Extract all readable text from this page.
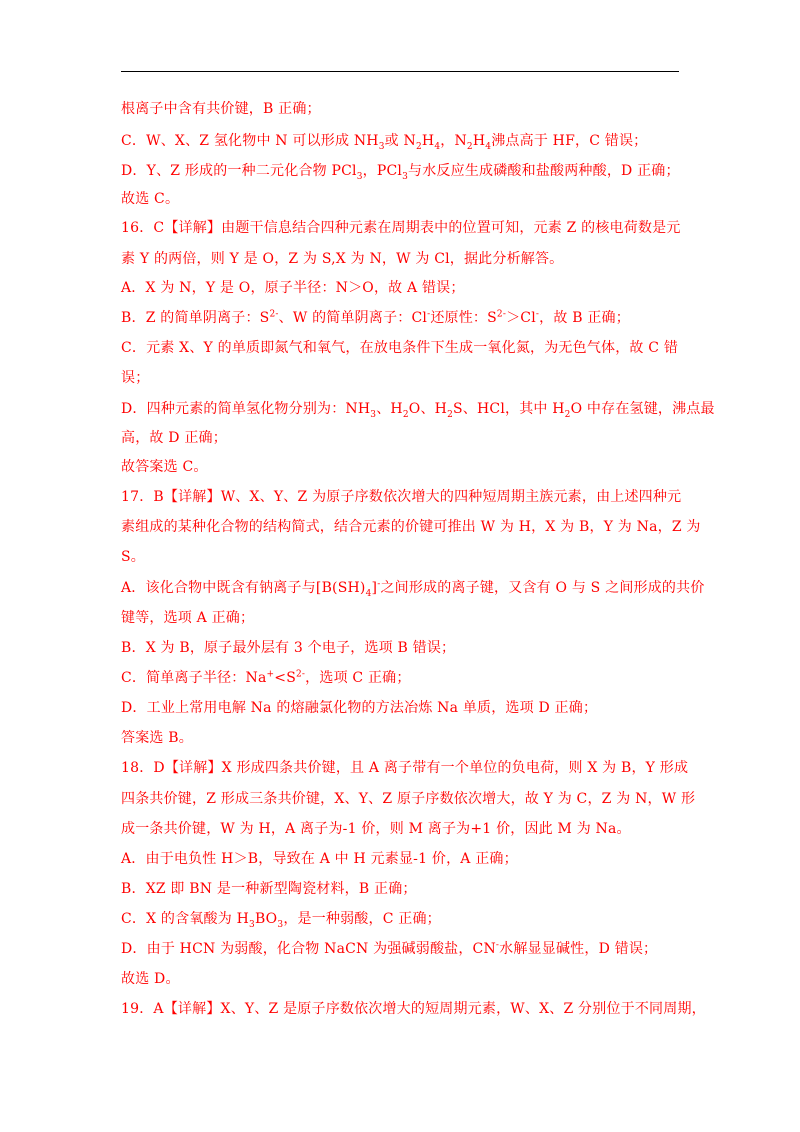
根离子中含有共价键，B 正确；
C．W、X、Z 氢化物中 N 可以形成 $NH_3$或 $N_2H_4$，$N_2H_4$沸点高于 HF，C 错误；
D．Y、Z 形成的一种二元化合物 PCl$_3$，PCl$_3$与水反应生成磷酸和盐酸两种酸，D 正确；
故选 C。
16．C【详解】由题干信息结合四种元素在周期表中的位置可知，元素 Z 的核电荷数是元
素 Y 的两倍，则 Y 是 O，Z 为 S,X 为 N，W 为 Cl，据此分析解答。
A．X 为 N，Y 是 O，原子半径：N＞O，故 A 错误；
B．Z 的简单阴离子：$S^{2-}$、W 的简单阴离子：Cl-还原性：$S^{2-}>Cl^-$，故 B 正确；
C．元素 X、Y 的单质即氮气和氧气，在放电条件下生成一氧化氮，为无色气体，故 C 错
误；
D．四种元素的简单氢化物分别为：$NH_3$、$H_2O$、$H_2S$、HCl，其中 $H_2O$ 中存在氢键，沸点最
高，故 D 正确；
故答案选 C。
17．B【详解】W、X、Y、Z 为原子序数依次增大的四种短周期主族元素，由上述四种元
素组成的某种化合物的结构简式，结合元素的价键可推出 W 为 H，X 为 B，Y 为 Na，Z 为
S。
A．该化合物中既含有钠离子与$[B(SH)_4]^-$之间形成的离子键，又含有 O 与 S 之间形成的共价
键等，选项 A 正确；
B．X 为 B，原子最外层有 3 个电子，选项 B 错误；
C．简单离子半径：$Na^+<S^{2-}$，选项 C 正确；
D．工业上常用电解 Na 的熔融氯化物的方法冶炼 Na 单质，选项 D 正确；
答案选 B。
18．D【详解】X 形成四条共价键，且 A 离子带有一个单位的负电荷，则 X 为 B，Y 形成
四条共价键，Z 形成三条共价键，X、Y、Z 原子序数依次增大，故 Y 为 C，Z 为 N，W 形
成一条共价键，W 为 H，A 离子为-1 价，则 M 离子为+1 价，因此 M 为 Na。
A．由于电负性 H＞B，导致在 A 中 H 元素显-1 价，A 正确；
B．XZ 即 BN 是一种新型陶瓷材料，B 正确；
C．X 的含氧酸为 $H_3BO_3$，是一种弱酸，C 正确；
D．由于 HCN 为弱酸，化合物 NaCN 为强碱弱酸盐，CN-水解显显碱性，D 错误；
故选 D。
19．A【详解】X、Y、Z 是原子序数依次增大的短周期元素，W、X、Z 分别位于不同周期，
